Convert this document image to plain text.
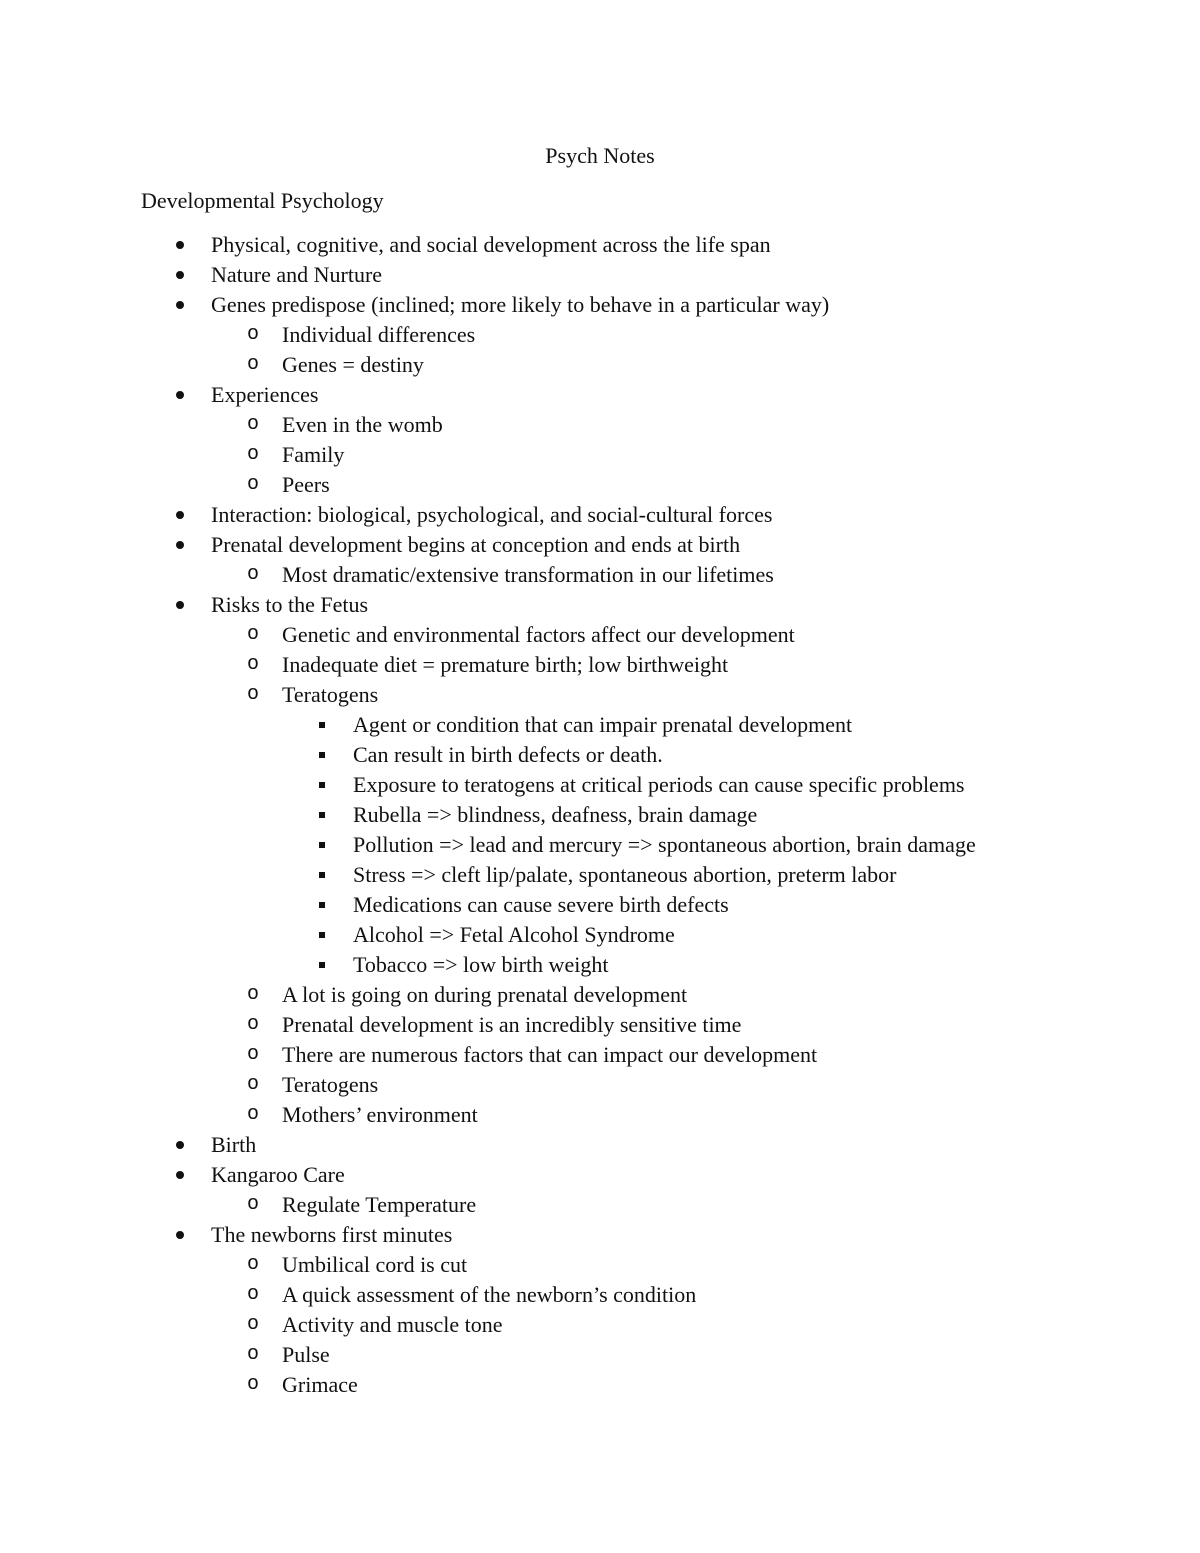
Psych Notes
Developmental Psychology
Physical, cognitive, and social development across the life span
Nature and Nurture
Genes predispose (inclined; more likely to behave in a particular way)
o
Individual differences
o
Genes = destiny
Experiences
o
Even in the womb
o
Family
o
Peers
Interaction: biological, psychological, and social-cultural forces
Prenatal development begins at conception and ends at birth
o
Most dramatic/extensive transformation in our lifetimes
Risks to the Fetus
o
Genetic and environmental factors affect our development
o
Inadequate diet = premature birth; low birthweight
o
Teratogens
Agent or condition that can impair prenatal development
Can result in birth defects or death.
Exposure to teratogens at critical periods can cause specific problems
Rubella => blindness, deafness, brain damage
Pollution => lead and mercury => spontaneous abortion, brain damage
Stress => cleft lip/palate, spontaneous abortion, preterm labor
Medications can cause severe birth defects
Alcohol => Fetal Alcohol Syndrome
Tobacco => low birth weight
o
A lot is going on during prenatal development
o
Prenatal development is an incredibly sensitive time
o
There are numerous factors that can impact our development
o
Teratogens
o
Mothers’ environment
Birth
Kangaroo Care
o
Regulate Temperature
The newborns first minutes
o
Umbilical cord is cut
o
A quick assessment of the newborn’s condition
o
Activity and muscle tone
o
Pulse
o
Grimace
